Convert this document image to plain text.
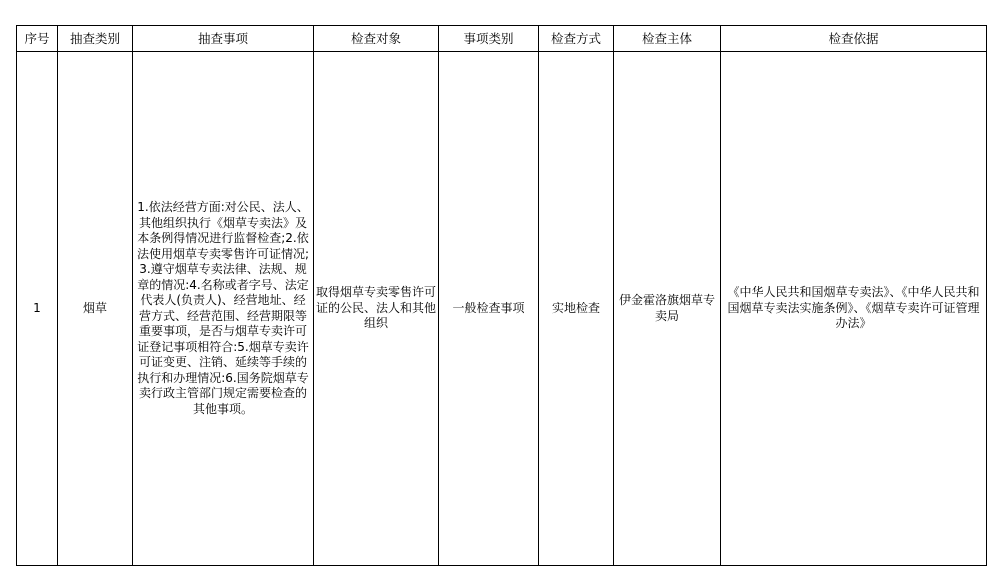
序号	抽查类别	抽查事项	检查对象	事项类别	检查方式	检查主体	检查依据
1	烟草	1.依法经营方面:对公民、法人、其他组织执行《烟草专卖法》及本条例得情况进行监督检查;2.依法使用烟草专卖零售许可证情况;3.遵守烟草专卖法律、法规、规章的情况:4.名称或者字号、法定代表人(负责人)、经营地址、经营方式、经营范围、经营期限等重要事项，是否与烟草专卖许可证登记事项相符合:5.烟草专卖许可证变更、注销、延续等手续的执行和办理情况:6.国务院烟草专卖行政主管部门规定需要检查的其他事项。	取得烟草专卖零售许可证的公民、法人和其他组织	一般检查事项	实地检查	伊金霍洛旗烟草专卖局	《中华人民共和国烟草专卖法》、《中华人民共和国烟草专卖法实施条例》、《烟草专卖许可证管理办法》
